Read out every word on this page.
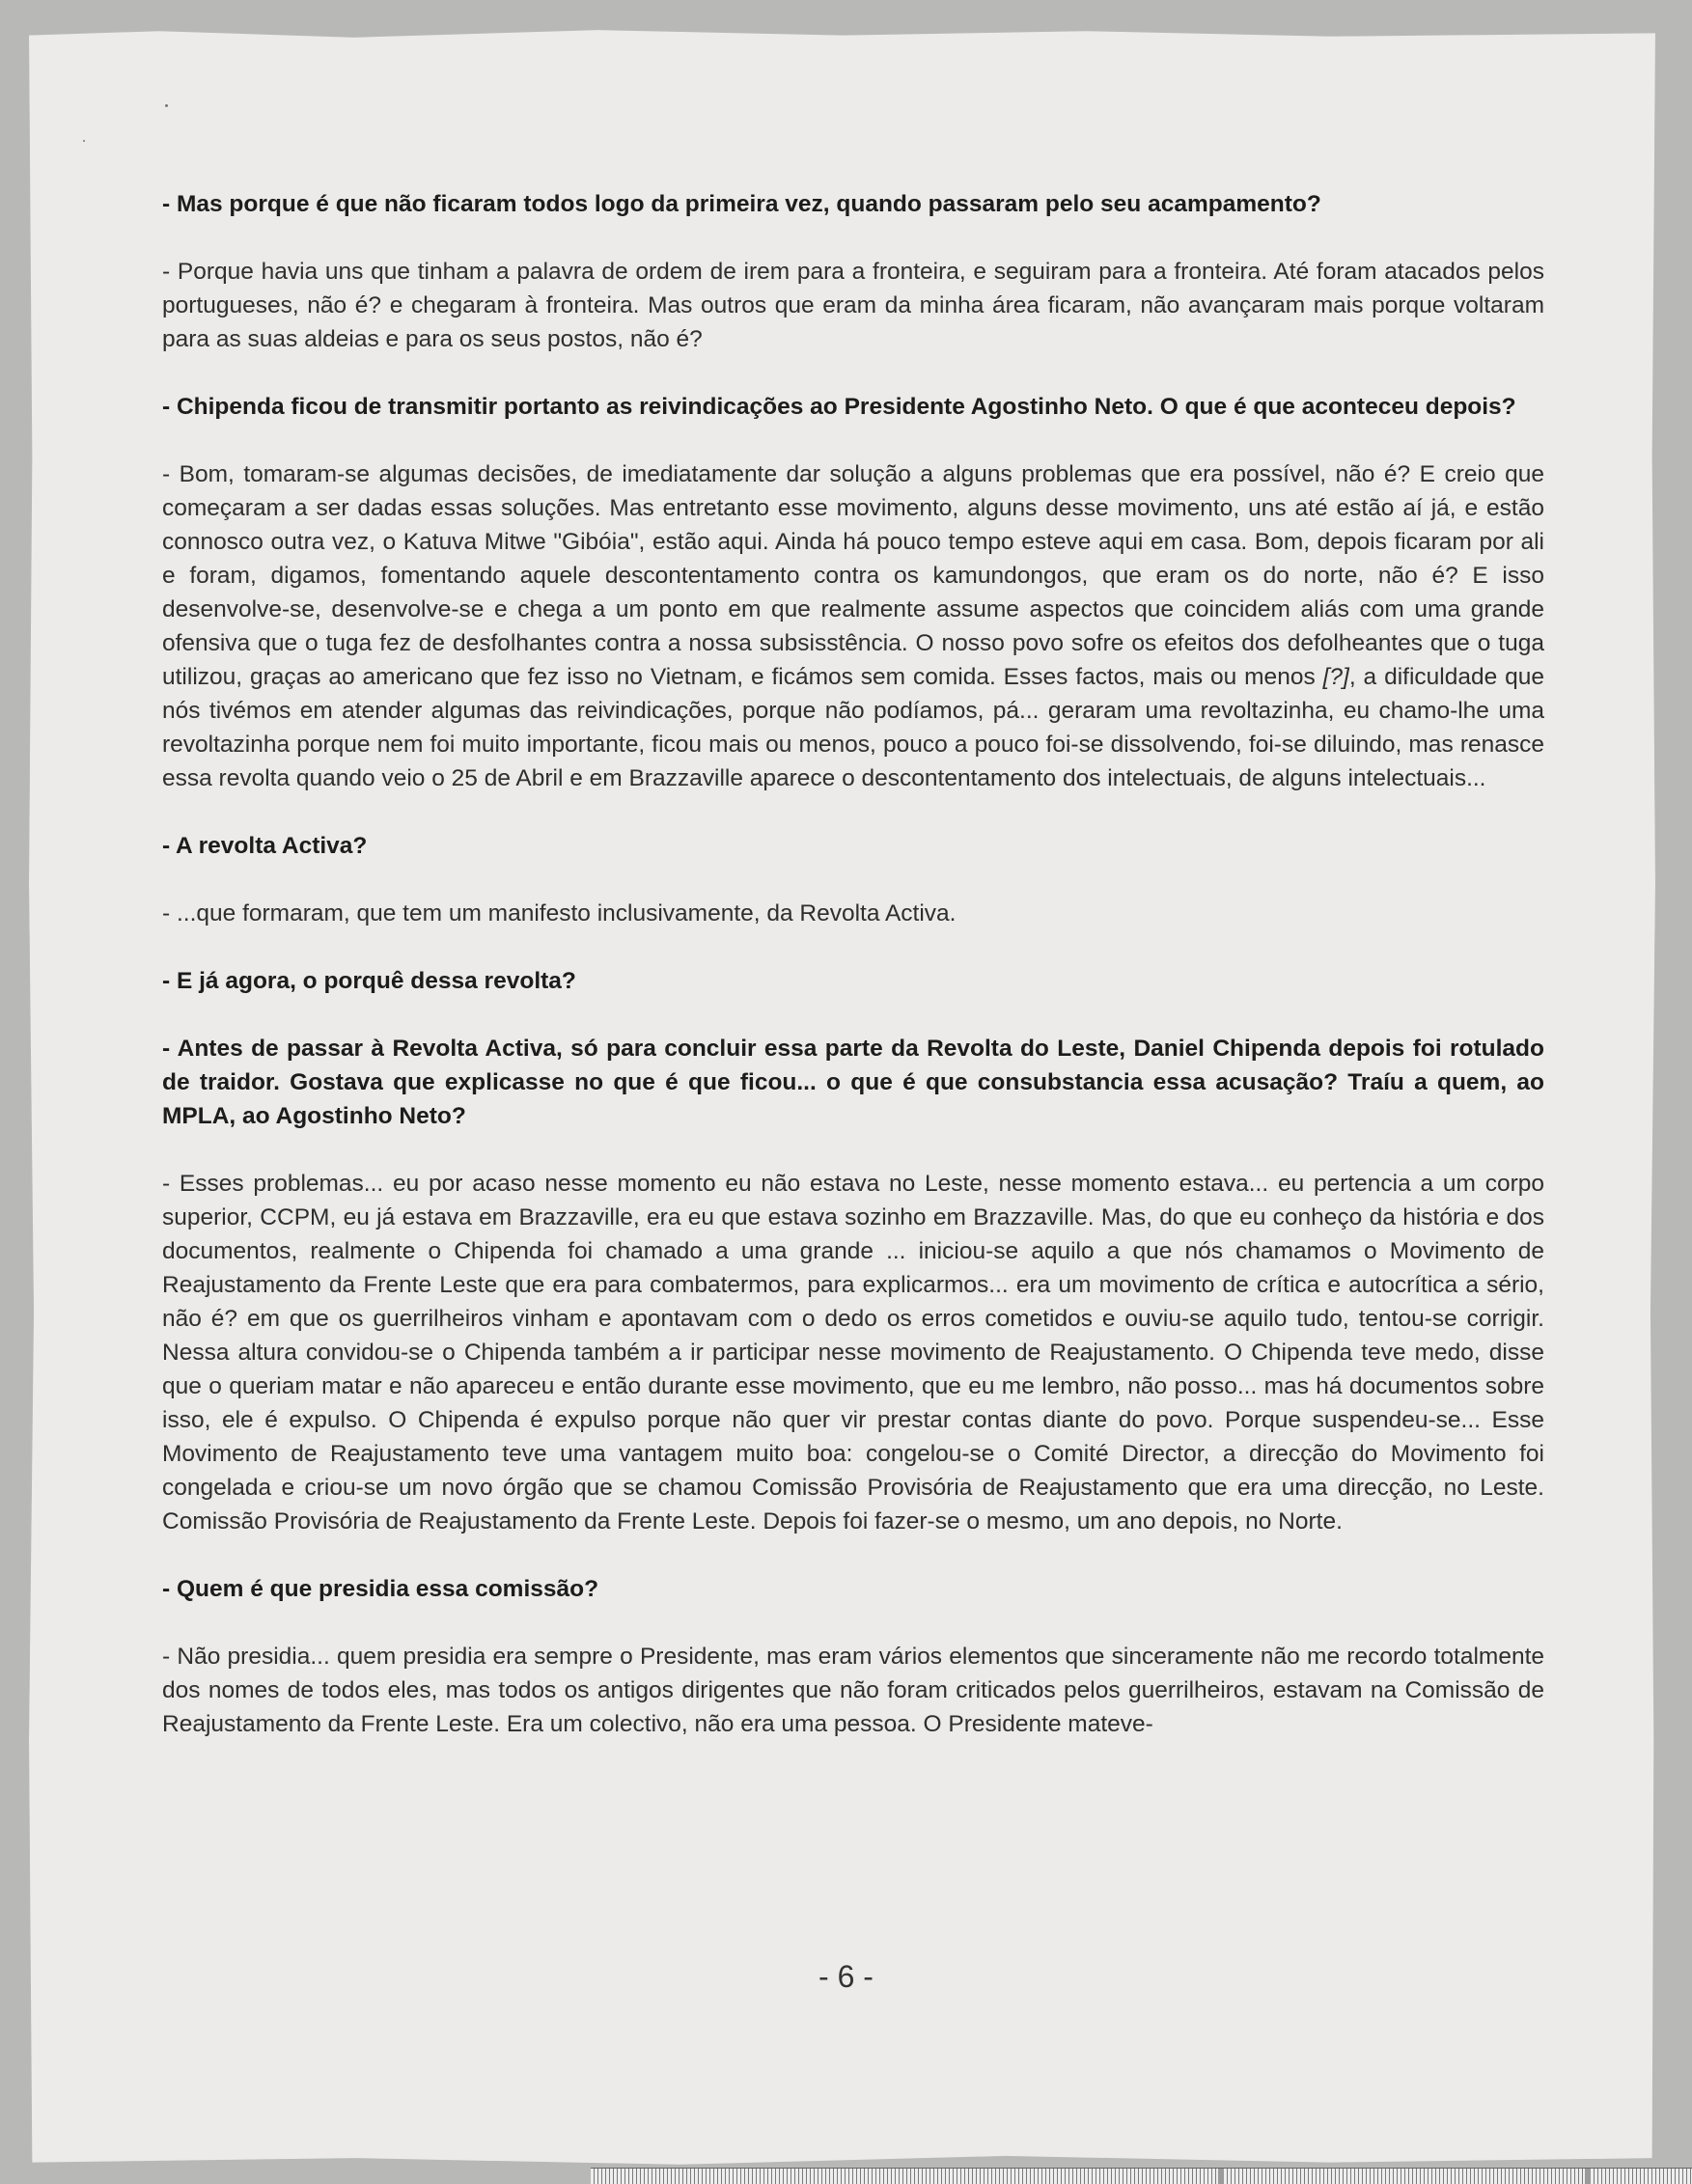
- Mas porque é que não ficaram todos logo da primeira vez, quando passaram pelo seu acampamento?

- Porque havia uns que tinham a palavra de ordem de irem para a fronteira, e seguiram para a fronteira. Até foram atacados pelos portugueses, não é? e chegaram à fronteira. Mas outros que eram da minha área ficaram, não avançaram mais porque voltaram para as suas aldeias e para os seus postos, não é?

- Chipenda ficou de transmitir portanto as reivindicações ao Presidente Agostinho Neto. O que é que aconteceu depois?

- Bom, tomaram-se algumas decisões, de imediatamente dar solução a alguns problemas que era possível, não é? E creio que começaram a ser dadas essas soluções. Mas entretanto esse movimento, alguns desse movimento, uns até estão aí já, e estão connosco outra vez, o Katuva Mitwe "Gibóia", estão aqui. Ainda há pouco tempo esteve aqui em casa. Bom, depois ficaram por ali e foram, digamos, fomentando aquele descontentamento contra os kamundongos, que eram os do norte, não é? E isso desenvolve-se, desenvolve-se e chega a um ponto em que realmente assume aspectos que coincidem aliás com uma grande ofensiva que o tuga fez de desfolhantes contra a nossa subsisstência. O nosso povo sofre os efeitos dos defolheantes que o tuga utilizou, graças ao americano que fez isso no Vietnam, e ficámos sem comida. Esses factos, mais ou menos [?], a dificuldade que nós tivémos em atender algumas das reivindicações, porque não podíamos, pá... geraram uma revoltazinha, eu chamo-lhe uma revoltazinha porque nem foi muito importante, ficou mais ou menos, pouco a pouco foi-se dissolvendo, foi-se diluindo, mas renasce essa revolta quando veio o 25 de Abril e em Brazzaville aparece o descontentamento dos intelectuais, de alguns intelectuais...

- A revolta Activa?

- ...que formaram, que tem um manifesto inclusivamente, da Revolta Activa.

- E já agora, o porquê dessa revolta?

- Antes de passar à Revolta Activa, só para concluir essa parte da Revolta do Leste, Daniel Chipenda depois foi rotulado de traidor. Gostava que explicasse no que é que ficou... o que é que consubstancia essa acusação? Traíu a quem, ao MPLA, ao Agostinho Neto?

- Esses problemas... eu por acaso nesse momento eu não estava no Leste, nesse momento estava... eu pertencia a um corpo superior, CCPM, eu já estava em Brazzaville, era eu que estava sozinho em Brazzaville. Mas, do que eu conheço da história e dos documentos, realmente o Chipenda foi chamado a uma grande ... iniciou-se aquilo a que nós chamamos o Movimento de Reajustamento da Frente Leste que era para combatermos, para explicarmos... era um movimento de crítica e autocrítica a sério, não é? em que os guerrilheiros vinham e apontavam com o dedo os erros cometidos e ouviu-se aquilo tudo, tentou-se corrigir. Nessa altura convidou-se o Chipenda também a ir participar nesse movimento de Reajustamento. O Chipenda teve medo, disse que o queriam matar e não apareceu e então durante esse movimento, que eu me lembro, não posso... mas há documentos sobre isso, ele é expulso. O Chipenda é expulso porque não quer vir prestar contas diante do povo. Porque suspendeu-se... Esse Movimento de Reajustamento teve uma vantagem muito boa: congelou-se o Comité Director, a direcção do Movimento foi congelada e criou-se um novo órgão que se chamou Comissão Provisória de Reajustamento que era uma direcção, no Leste. Comissão Provisória de Reajustamento da Frente Leste. Depois foi fazer-se o mesmo, um ano depois, no Norte.

- Quem é que presidia essa comissão?

- Não presidia... quem presidia era sempre o Presidente, mas eram vários elementos que sinceramente não me recordo totalmente dos nomes de todos eles, mas todos os antigos dirigentes que não foram criticados pelos guerrilheiros, estavam na Comissão de Reajustamento da Frente Leste. Era um colectivo, não era uma pessoa. O Presidente mateve-

- 6 -
